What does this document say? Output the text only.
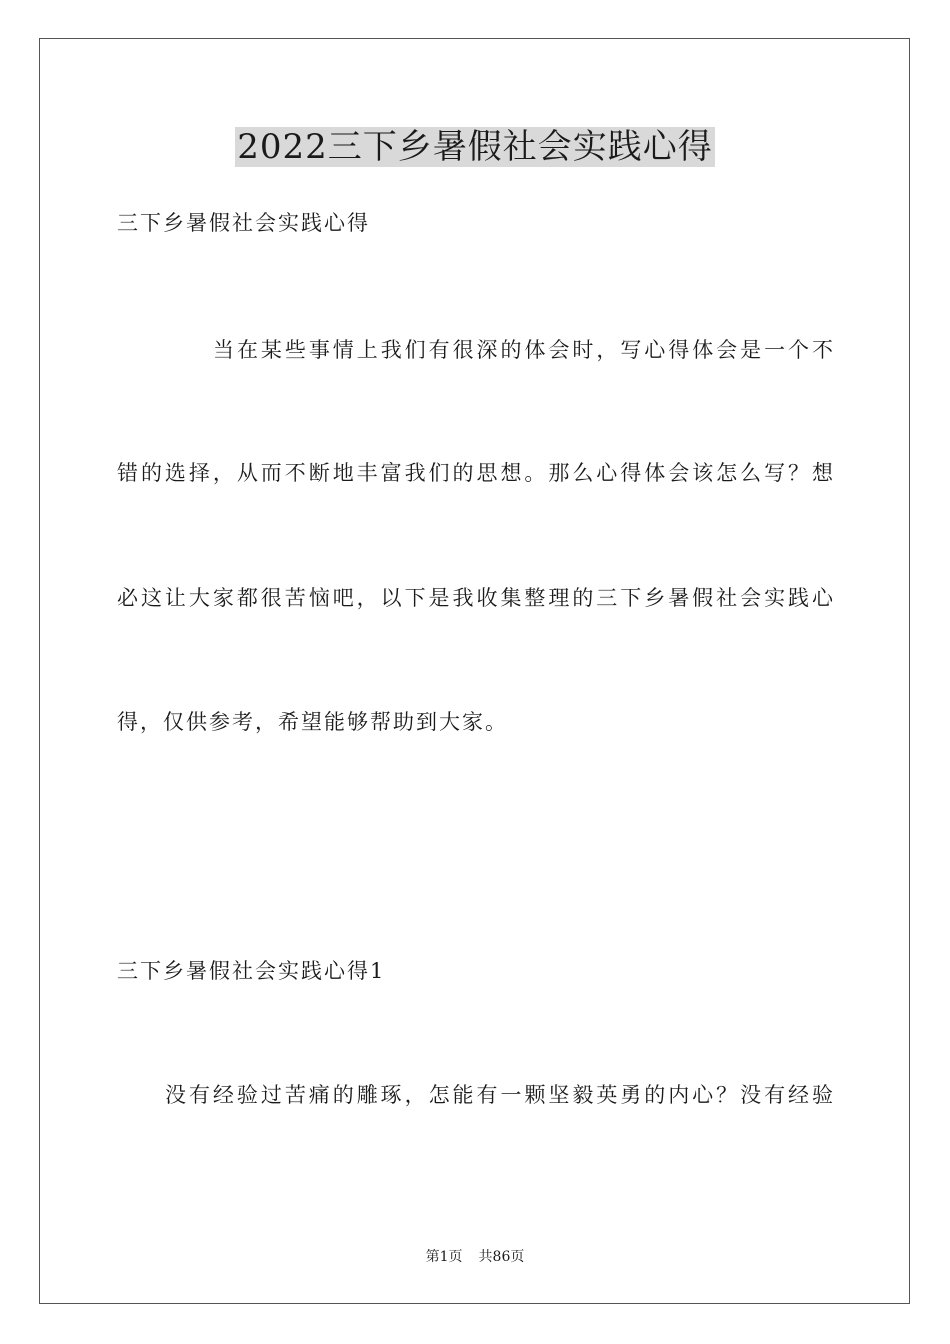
2022三下乡暑假社会实践心得
三下乡暑假社会实践心得
当在某些事情上我们有很深的体会时，写心得体会是一个不
错的选择，从而不断地丰富我们的思想。那么心得体会该怎么写？想
必这让大家都很苦恼吧，以下是我收集整理的三下乡暑假社会实践心
得，仅供参考，希望能够帮助到大家。
三下乡暑假社会实践心得1
没有经验过苦痛的雕琢，怎能有一颗坚毅英勇的内心？没有经验
第1页 共86页
